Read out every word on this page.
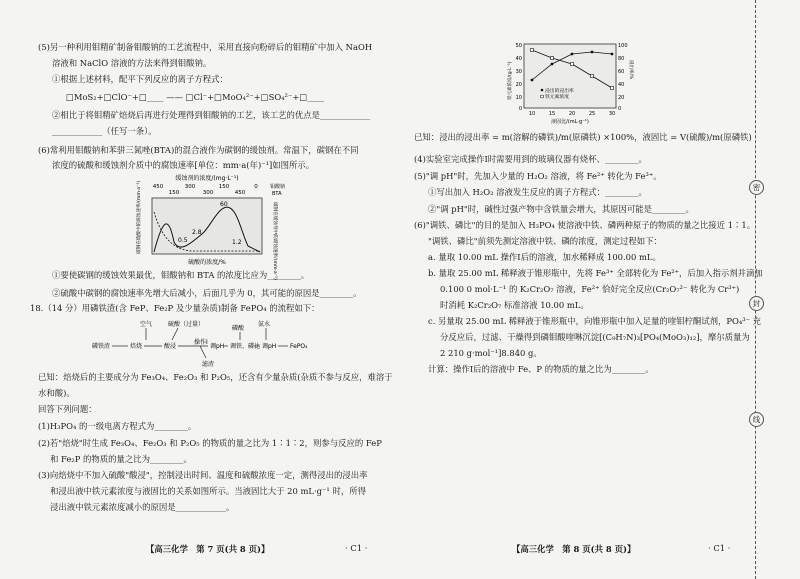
(5)另一种利用钼精矿制备钼酸钠的工艺流程中，采用直接向粉碎后的钼精矿中加入 NaOH
溶液和 NaClO 溶液的方法来得到钼酸钠。
①根据上述材料，配平下列反应的离子方程式：
□MoS₂+□ClO⁻+□____ —— □Cl⁻+□MoO₄²⁻+□SO₄²⁻+□____
②相比于将钼精矿焙烧后再进行处理得到钼酸钠的工艺，该工艺的优点是____________
____________（任写一条）。
(6)常利用钼酸钠和苯骈三氮唑(BTA)的混合液作为碳钢的缓蚀剂。常温下，碳钢在不同
浓度的硫酸和缓蚀剂介质中的腐蚀速率[单位：mm·a(年)⁻¹]如图所示。
缓蚀剂的浓度/(mg·L⁻¹)
450	300	150	0
150	300	450
钼酸钠
BTA
60
2.8
1.2
0.5
碳钢在硫酸中的腐蚀速率/(mm·a⁻¹)	碳钢在缓蚀剂中的腐蚀速率/(mm·a⁻¹)
硫酸的浓度/%
①要使碳钢的缓蚀效果最优，钼酸钠和 BTA 的浓度比应为________。
②硫酸中碳钢的腐蚀速率先增大后减小，后面几乎为 0，其可能的原因是________。
18.（14 分）用磷铁渣(含 FeP、Fe₂P 及少量杂质)制备 FePO₄ 的流程如下：
空气	硫酸（过量）
磷酸
氨水
磷铁渣	焙烧	酸浸
操作Ⅰ
滤渣
调pH 调铁、磷比 调pH FePO₄
已知：焙烧后的主要成分为 Fe₃O₄、Fe₂O₃ 和 P₂O₅，还含有少量杂质(杂质不参与反应，难溶于
水和酸)。
回答下列问题：
(1)H₃PO₄ 的一级电离方程式为________。
(2)若"焙烧"时生成 Fe₃O₄、Fe₂O₃ 和 P₂O₅ 的物质的量之比为 1∶1∶2，则参与反应的 FeP
和 Fe₂P 的物质的量之比为________。
(3)向焙烧中不加入硫酸"酸浸"，控制浸出时间、温度和硫酸浓度一定，测得浸出的浸出率
和浸出液中铁元素浓度与液固比的关系如图所示。当液固比大于 20 mL·g⁻¹ 时，所得
浸出液中铁元素浓度减小的原因是____________。
【高三化学　第 7 页(共 8 页)】	· C1 ·
50
40
30
20
10
0
100
80
60
40
20
0
10	15	20	25	30
浸出的浸出率
铁元素浓度
液固比/(mL·g⁻¹)
铁元素浓度/(g·L⁻¹)	浸出率/%
已知：浸出的浸出率 = m(溶解的磷铁)/m(原磷铁) ×100%，液固比 = V(硫酸)/m(原磷铁)
(4)实验室完成操作Ⅰ时需要用到的玻璃仪器有烧杯、________。
(5)"调 pH"时，先加入少量的 H₂O₂ 溶液，将 Fe²⁺ 转化为 Fe³⁺。
①写出加入 H₂O₂ 溶液发生反应的离子方程式：________。
②"调 pH"时，碱性过强产物中含铁量会增大，其原因可能是________。
(6)"调铁、磷比"的目的是加入 H₃PO₄ 使溶液中铁、磷两种原子的物质的量之比接近 1∶1。
"调铁、磷比"前须先测定溶液中铁、磷的浓度，测定过程如下：
a. 量取 10.00 mL 操作Ⅰ后的溶液，加水稀释成 100.00 mL。
b. 量取 25.00 mL 稀释液于锥形瓶中，先将 Fe³⁺ 全部转化为 Fe²⁺，后加入指示剂并滴加
0.100 0 mol·L⁻¹ 的 K₂Cr₂O₇ 溶液，Fe²⁺ 恰好完全反应(Cr₂O₇²⁻ 转化为 Cr³⁺)
时消耗 K₂Cr₂O₇ 标准溶液 10.00 mL。
c. 另量取 25.00 mL 稀释液于锥形瓶中，向锥形瓶中加入足量的喹钼柠酮试剂，PO₄³⁻ 充
分反应后，过滤、干燥得到磷钼酸喹啉沉淀[(C₉H₇N)₃[PO₄(MoO₃)₁₂]，摩尔质量为
2 210 g·mol⁻¹]8.840 g。
计算：操作Ⅰ后的溶液中 Fe、P 的物质的量之比为________。
【高三化学　第 8 页(共 8 页)】	· C1 ·
密
封
线
